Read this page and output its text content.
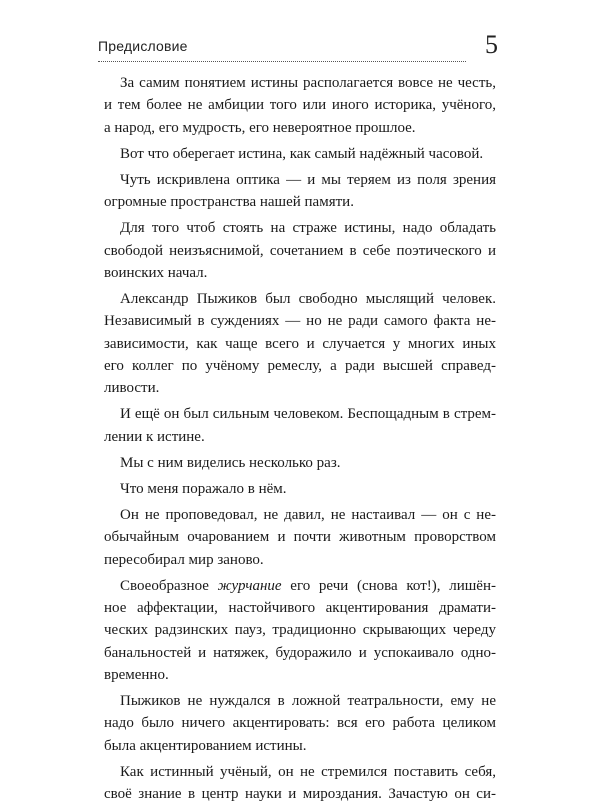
Предисловие	5

За самим понятием истины располагается вовсе не честь,
и тем более не амбиции того или иного историка, учёного,
а народ, его мудрость, его невероятное прошлое.

Вот что оберегает истина, как самый надёжный часовой.

Чуть искривлена оптика — и мы теряем из поля зрения
огромные пространства нашей памяти.

Для того чтоб стоять на страже истины, надо обладать
свободой неизъяснимой, сочетанием в себе поэтического и
воинских начал.

Александр Пыжиков был свободно мыслящий человек.
Независимый в суждениях — но не ради самого факта не-
зависимости, как чаще всего и случается у многих иных
его коллег по учёному ремеслу, а ради высшей справед-
ливости.

И ещё он был сильным человеком. Беспощадным в стрем-
лении к истине.

Мы с ним виделись несколько раз.

Что меня поражало в нём.

Он не проповедовал, не давил, не настаивал — он с не-
обычайным очарованием и почти животным проворством
пересобирал мир заново.

Своеобразное журчание его речи (снова кот!), лишён-
ное аффектации, настойчивого акцентирования драмати-
ческих радзинских пауз, традиционно скрывающих череду
банальностей и натяжек, будоражило и успокаивало одно-
временно.

Пыжиков не нуждался в ложной театральности, ему не
надо было ничего акцентировать: вся его работа целиком
была акцентированием истины.

Как истинный учёный, он не стремился поставить себя,
своё знание в центр науки и мироздания. Зачастую он си-
